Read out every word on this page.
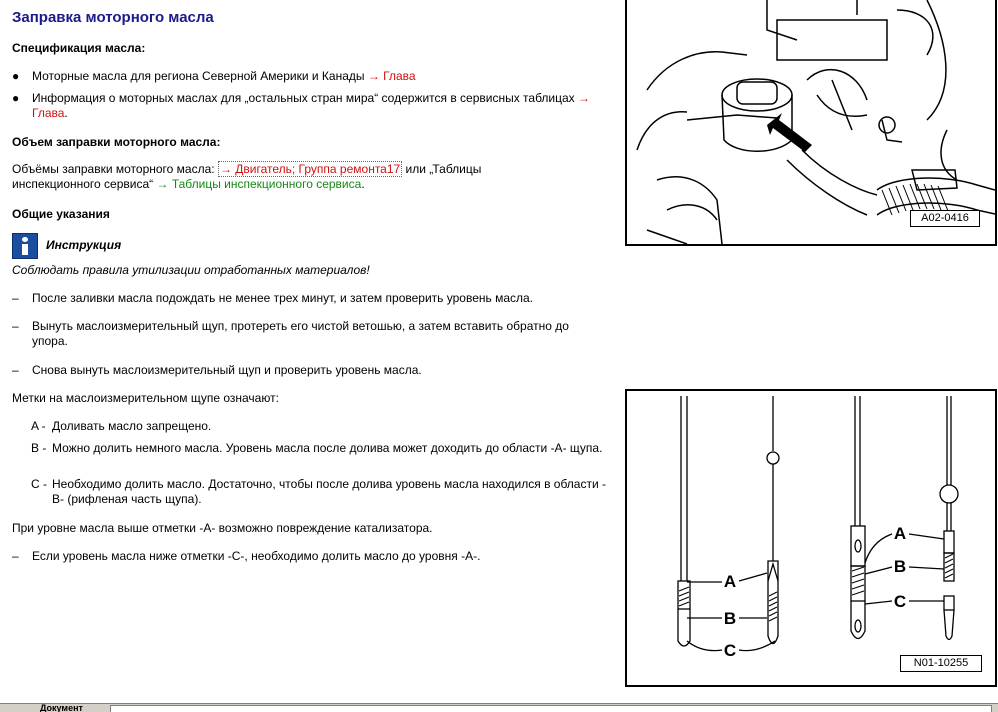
Заправка моторного масла
Спецификация масла:
● Моторные масла для региона Северной Америки и Канады → Глава
● Информация о моторных маслах для „остальных стран мира“ содержится в сервисных таблицах → Глава.
Объем заправки моторного масла:
Объёмы заправки моторного масла: → Двигатель; Группа ремонта17 или „Таблицы инспекционного сервиса“ → Таблицы инспекционного сервиса.
Общие указания
Инструкция
Соблюдать правила утилизации отработанных материалов!
– После заливки масла подождать не менее трех минут, и затем проверить уровень масла.
– Вынуть маслоизмерительный щуп, протереть его чистой ветошью, а затем вставить обратно до упора.
– Снова вынуть маслоизмерительный щуп и проверить уровень масла.
Метки на маслоизмерительном щупе означают:
A - Доливать масло запрещено.
B - Можно долить немного масла. Уровень масла после долива может доходить до области -A- щупа.
C - Необходимо долить масло. Достаточно, чтобы после долива уровень масла находился в области -B- (рифленая часть щупа).
При уровне масла выше отметки -A- возможно повреждение катализатора.
– Если уровень масла ниже отметки -C-, необходимо долить масло до уровня -A-.
A02-0416
A
B
C
A
B
C
N01-10255
Документ
